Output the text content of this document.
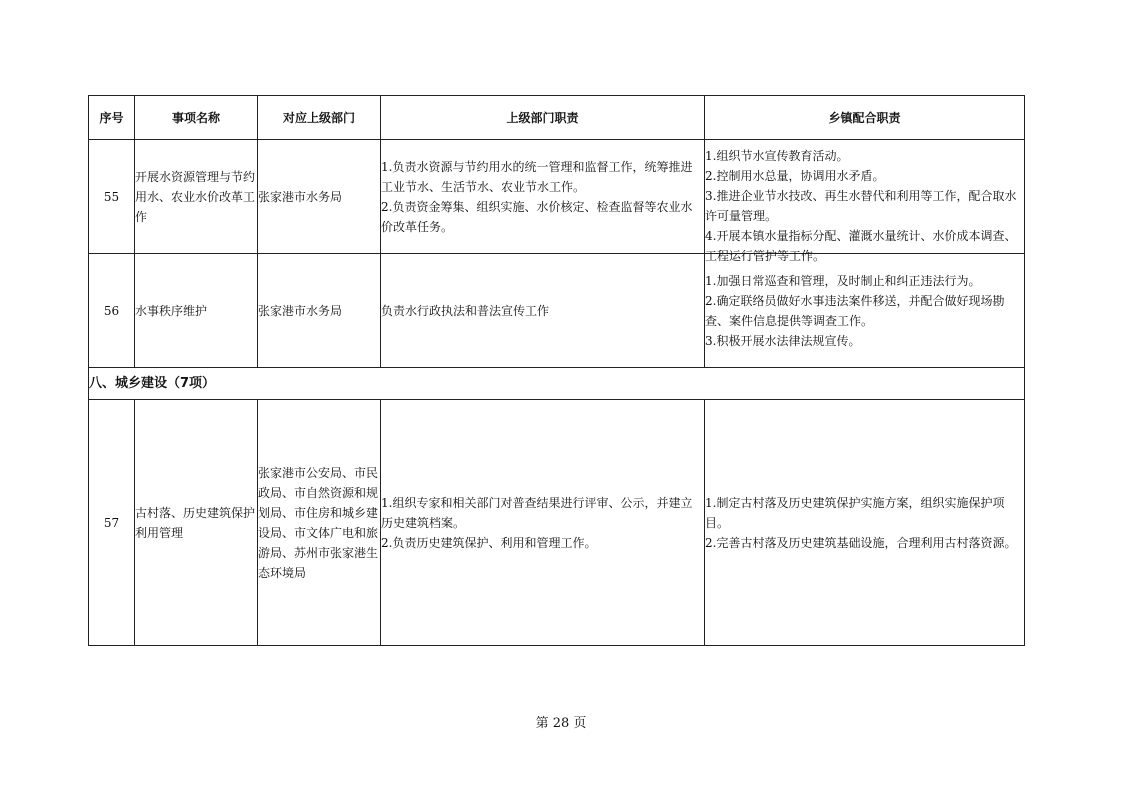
序号	事项名称	对应上级部门	上级部门职责	乡镇配合职责
55	开展水资源管理与节约用水、农业水价改革工作	张家港市水务局	1.负责水资源与节约用水的统一管理和监督工作，统筹推进工业节水、生活节水、农业节水工作。
2.负责资金筹集、组织实施、水价核定、检查监督等农业水价改革任务。	1.组织节水宣传教育活动。
2.控制用水总量，协调用水矛盾。
3.推进企业节水技改、再生水替代和利用等工作，配合取水许可量管理。
4.开展本镇水量指标分配、灌溉水量统计、水价成本调查、工程运行管护等工作。

56	水事秩序维护	张家港市水务局	负责水行政执法和普法宣传工作	1.加强日常巡查和管理，及时制止和纠正违法行为。
2.确定联络员做好水事违法案件移送，并配合做好现场勘查、案件信息提供等调查工作。
3.积极开展水法律法规宣传。

八、城乡建设（7项）				
57	古村落、历史建筑保护利用管理	张家港市公安局、市民政局、市自然资源和规划局、市住房和城乡建设局、市文体广电和旅游局、苏州市张家港生态环境局	1.组织专家和相关部门对普查结果进行评审、公示，并建立历史建筑档案。
2.负责历史建筑保护、利用和管理工作。	1.制定古村落及历史建筑保护实施方案，组织实施保护项目。
2.完善古村落及历史建筑基础设施，合理利用古村落资源。
第 28 页
